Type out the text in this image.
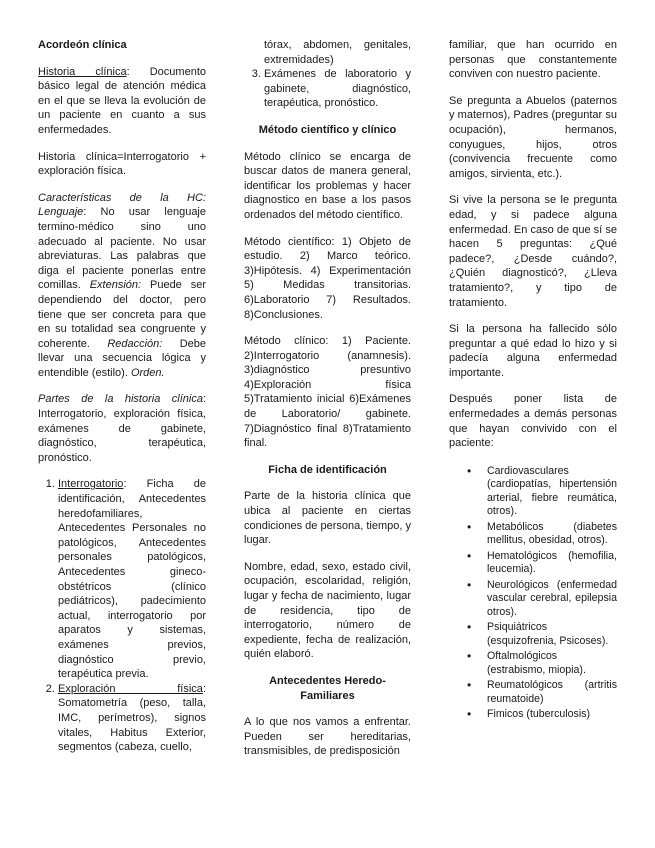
Acordeón clínica

Historia clínica: Documento básico legal de atención médica en el que se lleva la evolución de un paciente en cuanto a sus enfermedades.

Historia clínica=Interrogatorio + exploración física.

Características de la HC: Lenguaje: No usar lenguaje termino-médico sino uno adecuado al paciente. No usar abreviaturas. Las palabras que diga el paciente ponerlas entre comillas. Extensión: Puede ser dependiendo del doctor, pero tiene que ser concreta para que en su totalidad sea congruente y coherente. Redacción: Debe llevar una secuencia lógica y entendible (estilo). Orden.

Partes de la historia clínica: Interrogatorio, exploración física, exámenes de gabinete, diagnóstico, terapéutica, pronóstico.

1. Interrogatorio: Ficha de identificación, Antecedentes heredofamiliares, Antecedentes Personales no patológicos, Antecedentes personales patológicos, Antecedentes gineco-obstétricos (clínico pediátricos), padecimiento actual, interrogatorio por aparatos y sistemas, exámenes previos, diagnóstico previo, terapéutica previa.
2. Exploración física: Somatometría (peso, talla, IMC, perímetros), signos vitales, Habitus Exterior, segmentos (cabeza, cuello,
tórax, abdomen, genitales, extremidades)
3. Exámenes de laboratorio y gabinete, diagnóstico, terapéutica, pronóstico.
Método científico y clínico

Método clínico se encarga de buscar datos de manera general, identificar los problemas y hacer diagnostico en base a los pasos ordenados del método científico.

Método científico: 1) Objeto de estudio. 2) Marco teórico. 3)Hipótesis. 4) Experimentación 5) Medidas transitorias. 6)Laboratorio 7) Resultados. 8)Conclusiones.

Método clínico: 1) Paciente. 2)Interrogatorio (anamnesis). 3)diagnóstico presuntivo 4)Exploración física 5)Tratamiento inicial 6)Exámenes de Laboratorio/ gabinete. 7)Diagnóstico final 8)Tratamiento final.

Ficha de identificación

Parte de la historia clínica que ubica al paciente en ciertas condiciones de persona, tiempo, y lugar.

Nombre, edad, sexo, estado civil, ocupación, escolaridad, religión, lugar y fecha de nacimiento, lugar de residencia, tipo de interrogatorio, número de expediente, fecha de realización, quién elaboró.

Antecedentes Heredo-
Familiares

A lo que nos vamos a enfrentar. Pueden ser hereditarias, transmisibles, de predisposición

familiar, que han ocurrido en personas que constantemente conviven con nuestro paciente.

Se pregunta a Abuelos (paternos y maternos), Padres (preguntar su ocupación), hermanos, conyugues, hijos, otros (convivencia frecuente como amigos, sirvienta, etc.).

Si vive la persona se le pregunta edad, y si padece alguna enfermedad. En caso de que sí se hacen 5 preguntas: ¿Qué padece?, ¿Desde cuándo?, ¿Quién diagnosticó?, ¿Lleva tratamiento?, y tipo de tratamiento.

Si la persona ha fallecido sólo preguntar a qué edad lo hizo y si padecía alguna enfermedad importante.

Después poner lista de enfermedades a demás personas que hayan convivido con el paciente:

• Cardiovasculares (cardiopatías, hipertensión arterial, fiebre reumática, otros).
• Metabólicos (diabetes mellitus, obesidad, otros).
• Hematológicos (hemofilia, leucemia).
• Neurológicos (enfermedad vascular cerebral, epilepsia otros).
• Psiquiátricos (esquizofrenia, Psicoses).
• Oftalmológicos (estrabismo, miopia).
• Reumatológicos (artritis reumatoide)
• Fimicos (tuberculosis)
